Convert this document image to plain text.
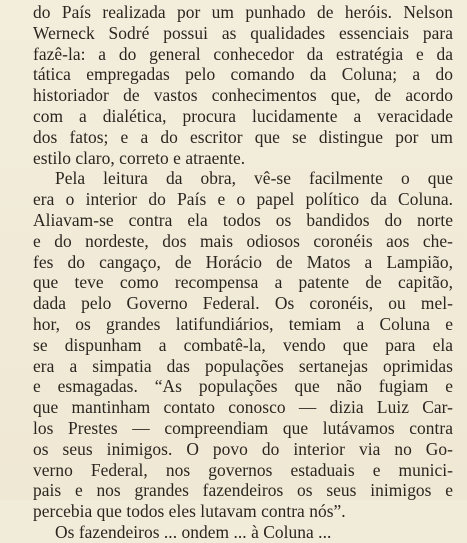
do País realizada por um punhado de heróis. Nelson
Werneck Sodré possui as qualidades essenciais para
fazê-la: a do general conhecedor da estratégia e da
tática empregadas pelo comando da Coluna; a do
historiador de vastos conhecimentos que, de acordo
com a dialética, procura lucidamente a veracidade
dos fatos; e a do escritor que se distingue por um
estilo claro, correto e atraente.
Pela leitura da obra, vê-se facilmente o que
era o interior do País e o papel político da Coluna.
Aliavam-se contra ela todos os bandidos do norte
e do nordeste, dos mais odiosos coronéis aos che-
fes do cangaço, de Horácio de Matos a Lampião,
que teve como recompensa a patente de capitão,
dada pelo Governo Federal. Os coronéis, ou mel-
hor, os grandes latifundiários, temiam a Coluna e
se dispunham a combatê-la, vendo que para ela
era a simpatia das populações sertanejas oprimidas
e esmagadas. “As populações que não fugiam e
que mantinham contato conosco — dizia Luiz Car-
los Prestes — compreendiam que lutávamos contra
os seus inimigos. O povo do interior via no Go-
verno Federal, nos governos estaduais e munici-
pais e nos grandes fazendeiros os seus inimigos e
percebia que todos eles lutavam contra nós”.
Os fazendeiros ... ondem ... à Coluna ...
